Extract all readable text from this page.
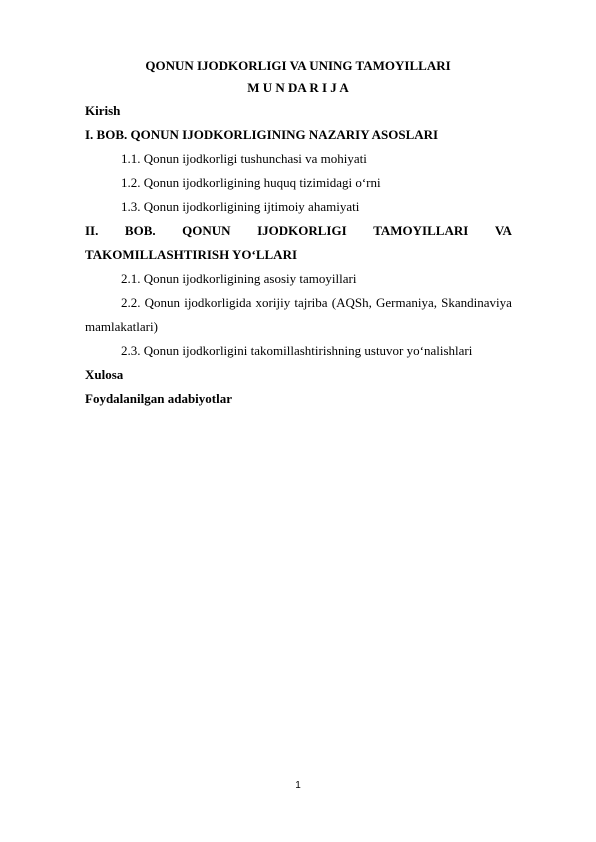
QONUN IJODKORLIGI VA UNING TAMOYILLARI
M U N DA R I J A
Kirish
I. BOB. QONUN IJODKORLIGINING NAZARIY ASOSLARI
1.1. Qonun ijodkorligi tushunchasi va mohiyati
1.2. Qonun ijodkorligining huquq tizimidagi o‘rni
1.3. Qonun ijodkorligining ijtimoiy ahamiyati
II. BOB. QONUN IJODKORLIGI TAMOYILLARI VA
TAKOMILLASHTIRISH YO‘LLARI
2.1. Qonun ijodkorligining asosiy tamoyillari
2.2. Qonun ijodkorligida xorijiy tajriba (AQSh, Germaniya, Skandinaviya
mamlakatlari)
2.3. Qonun ijodkorligini takomillashtirishning ustuvor yo‘nalishlari
Xulosa
Foydalanilgan adabiyotlar
1
